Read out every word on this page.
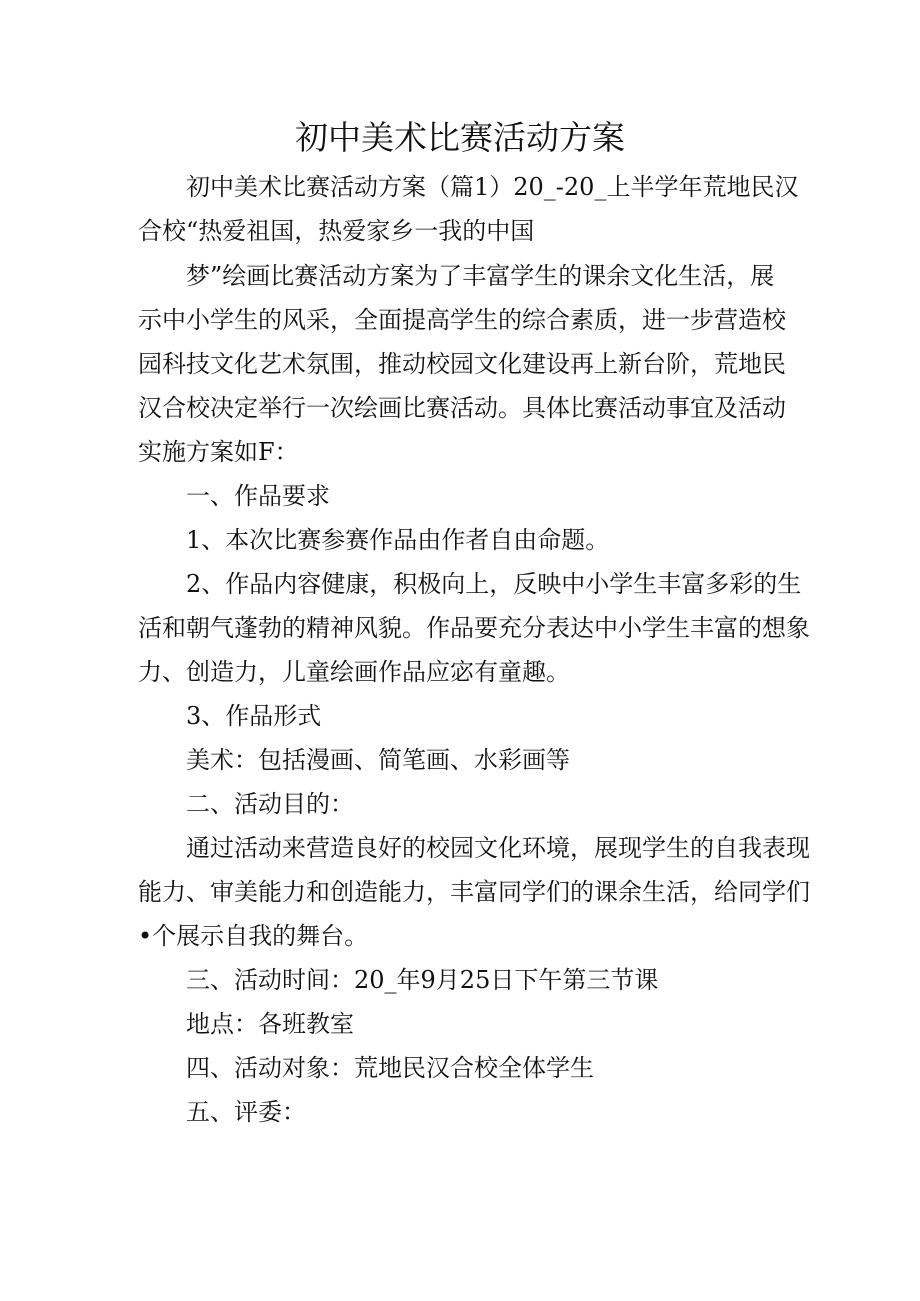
初中美术比赛活动方案
初中美术比赛活动方案（篇1）20_-20_上半学年荒地民汉
合校“热爱祖国，热爱家乡一我的中国
梦”绘画比赛活动方案为了丰富学生的课余文化生活，展
示中小学生的风采，全面提高学生的综合素质，进一步营造校
园科技文化艺术氛围，推动校园文化建设再上新台阶，荒地民
汉合校决定举行一次绘画比赛活动。具体比赛活动事宜及活动
实施方案如F：
一、作品要求
1、本次比赛参赛作品由作者自由命题。
2、作品内容健康，积极向上，反映中小学生丰富多彩的生
活和朝气蓬勃的精神风貌。作品要充分表达中小学生丰富的想象
力、创造力，儿童绘画作品应宓有童趣。
3、作品形式
美术：包括漫画、简笔画、水彩画等
二、活动目的：
通过活动来营造良好的校园文化环境，展现学生的自我表现
能力、审美能力和创造能力，丰富同学们的课余生活，给同学们
•个展示自我的舞台。
三、活动时间：20_年9月25日下午第三节课
地点：各班教室
四、活动对象：荒地民汉合校全体学生
五、评委：
